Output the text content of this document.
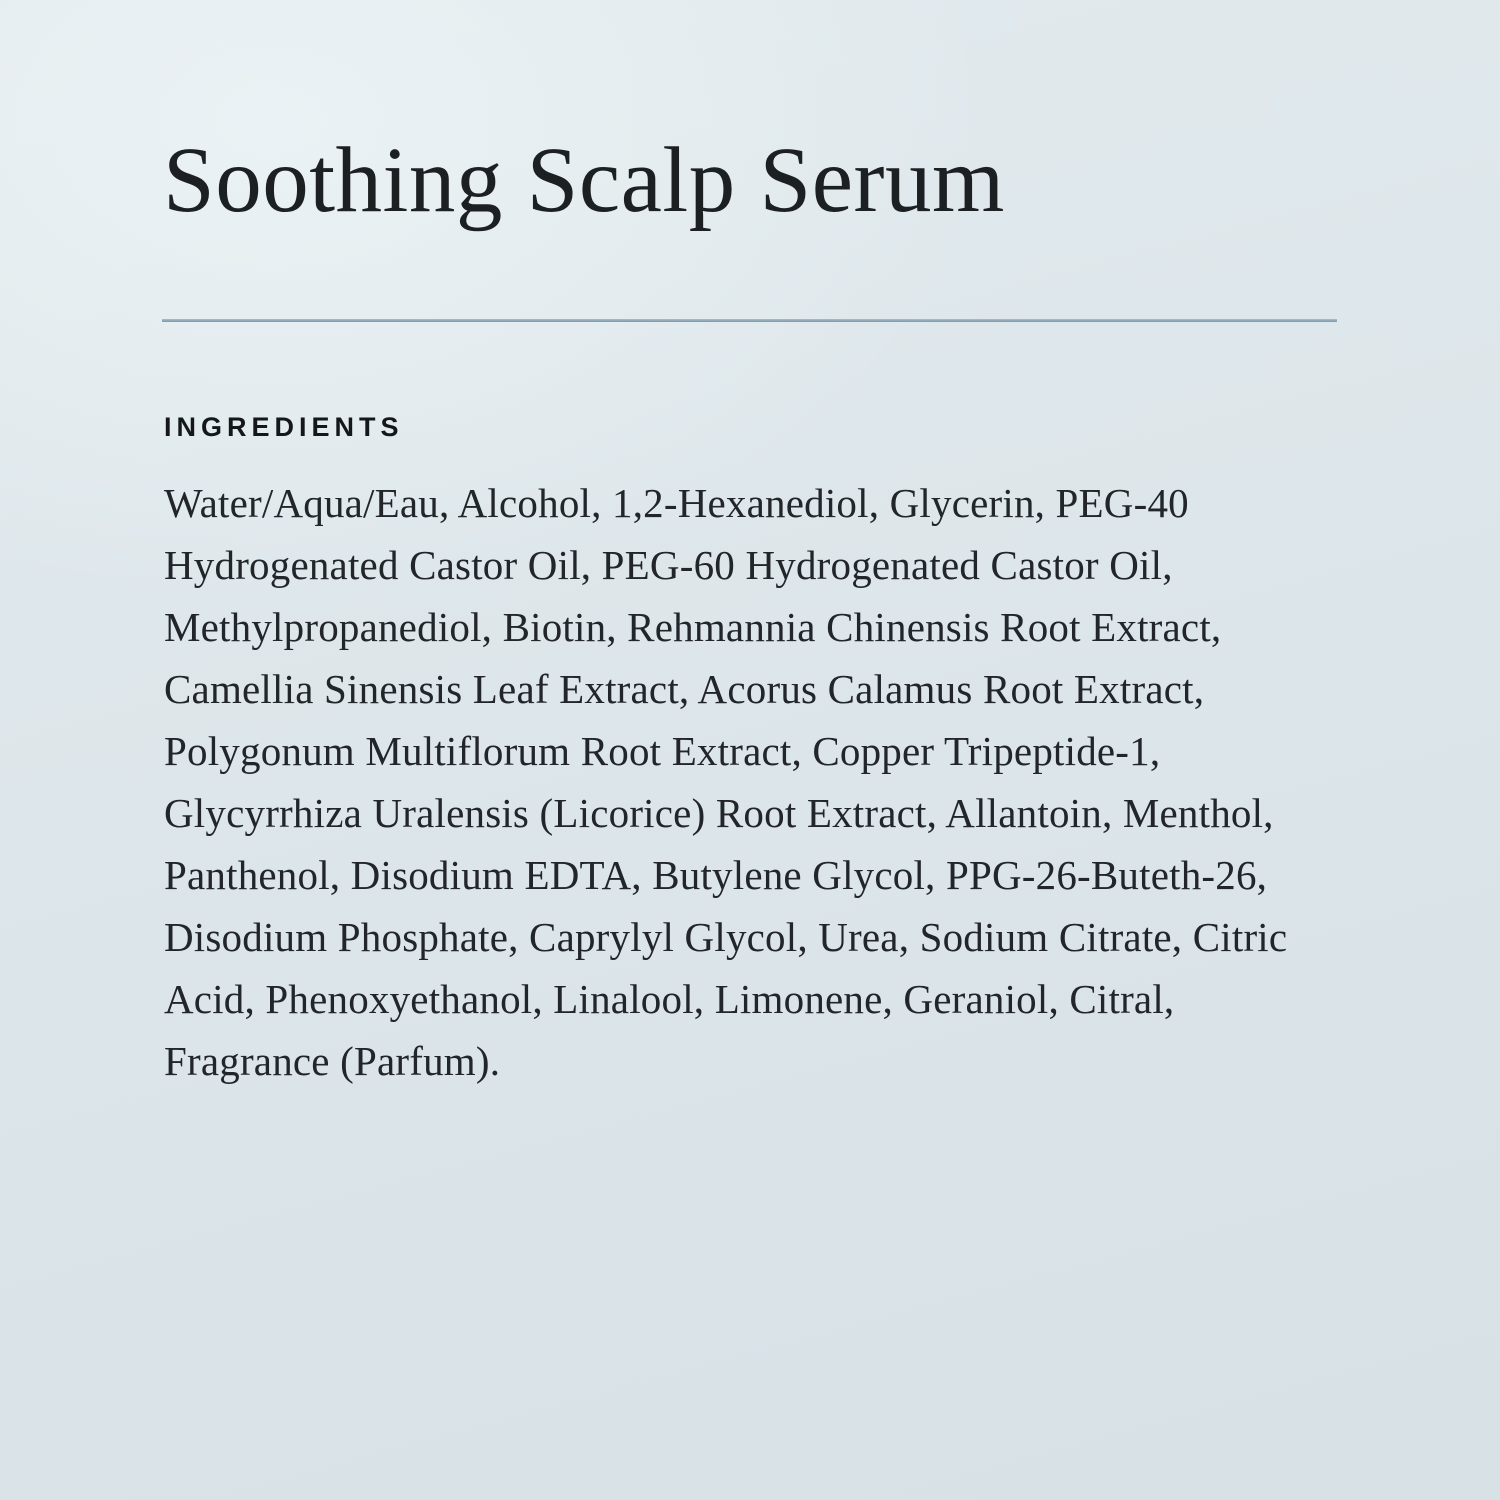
Soothing Scalp Serum
INGREDIENTS

Water/Aqua/Eau, Alcohol, 1,2-Hexanediol, Glycerin, PEG-40 Hydrogenated Castor Oil, PEG-60 Hydrogenated Castor Oil, Methylpropanediol, Biotin, Rehmannia Chinensis Root Extract, Camellia Sinensis Leaf Extract, Acorus Calamus Root Extract, Polygonum Multiflorum Root Extract, Copper Tripeptide-1, Glycyrrhiza Uralensis (Licorice) Root Extract, Allantoin, Menthol, Panthenol, Disodium EDTA, Butylene Glycol, PPG-26-Buteth-26, Disodium Phosphate, Caprylyl Glycol, Urea, Sodium Citrate, Citric Acid, Phenoxyethanol, Linalool, Limonene, Geraniol, Citral, Fragrance (Parfum).
